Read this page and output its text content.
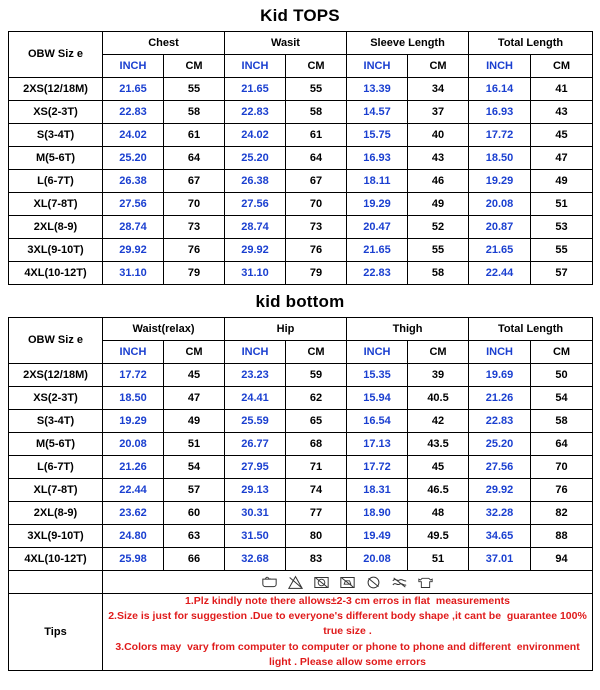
Kid TOPS
OBW Siz e	Chest		Wasit		Sleeve Length		Total Length	
	INCH	CM	INCH	CM	INCH	CM	INCH	CM
2XS(12/18M)	21.65	55	21.65	55	13.39	34	16.14	41
XS(2-3T)	22.83	58	22.83	58	14.57	37	16.93	43
S(3-4T)	24.02	61	24.02	61	15.75	40	17.72	45
M(5-6T)	25.20	64	25.20	64	16.93	43	18.50	47
L(6-7T)	26.38	67	26.38	67	18.11	46	19.29	49
XL(7-8T)	27.56	70	27.56	70	19.29	49	20.08	51
2XL(8-9)	28.74	73	28.74	73	20.47	52	20.87	53
3XL(9-10T)	29.92	76	29.92	76	21.65	55	21.65	55
4XL(10-12T)	31.10	79	31.10	79	22.83	58	22.44	57
kid bottom
OBW Siz e	Waist(relax)		Hip		Thigh		Total Length	
	INCH	CM	INCH	CM	INCH	CM	INCH	CM
2XS(12/18M)	17.72	45	23.23	59	15.35	39	19.69	50
XS(2-3T)	18.50	47	24.41	62	15.94	40.5	21.26	54
S(3-4T)	19.29	49	25.59	65	16.54	42	22.83	58
M(5-6T)	20.08	51	26.77	68	17.13	43.5	25.20	64
L(6-7T)	21.26	54	27.95	71	17.72	45	27.56	70
XL(7-8T)	22.44	57	29.13	74	18.31	46.5	29.92	76
2XL(8-9)	23.62	60	30.31	77	18.90	48	32.28	82
3XL(9-10T)	24.80	63	31.50	80	19.49	49.5	34.65	88
4XL(10-12T)	25.98	66	32.68	83	20.08	51	37.01	94

Tips	1.Plz kindly note there allows±2-3 cm erros in flat  measurements
2.Size is just for suggestion .Due to everyone's different body shape ,it cant be  guarantee 100% true size .
3.Colors may  vary from computer to computer or phone to phone and different  environment light . Please allow some errors							
